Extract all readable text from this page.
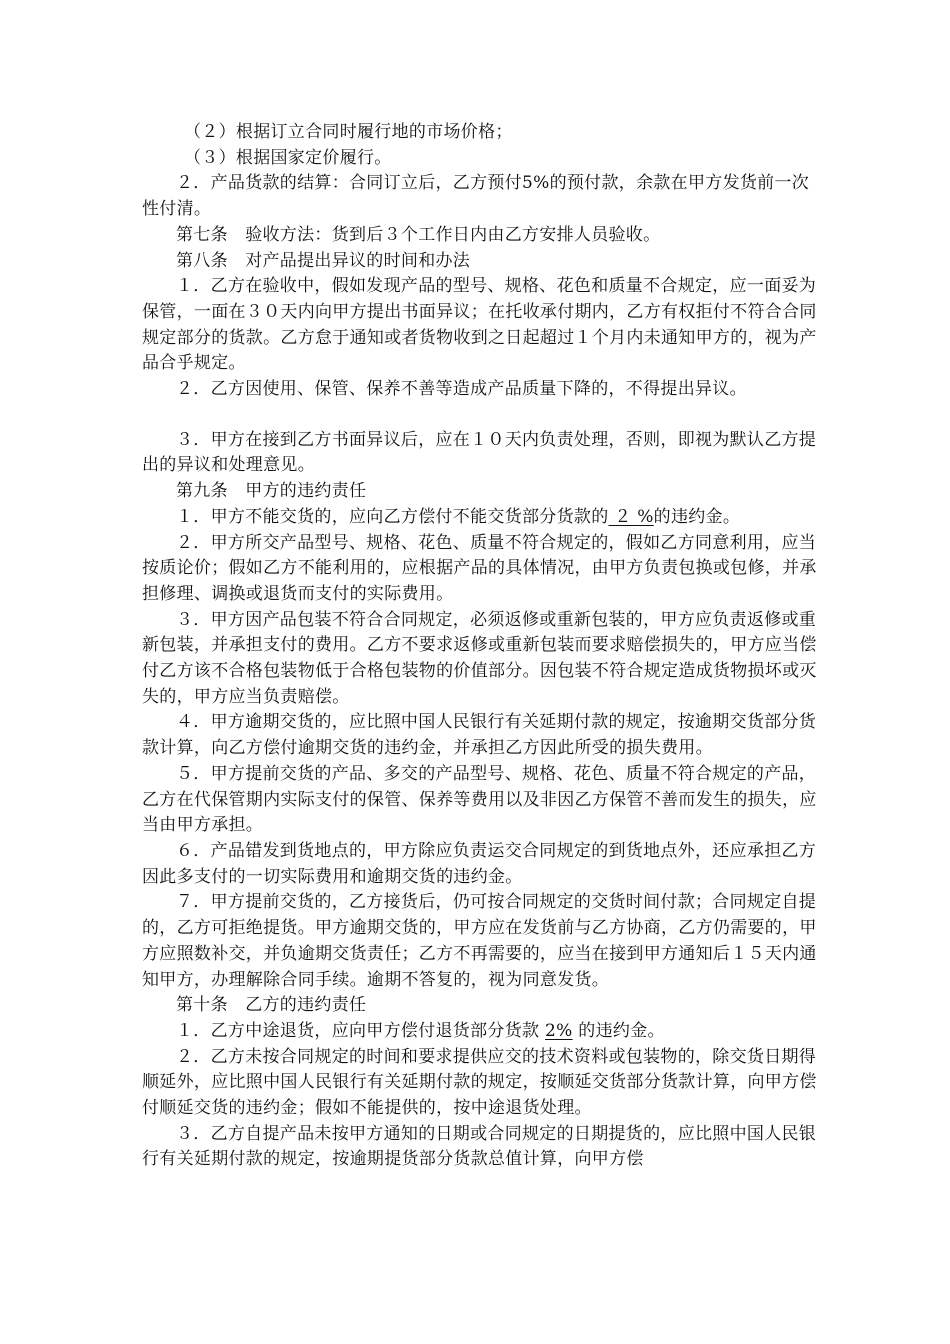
（２）根据订立合同时履行地的市场价格；

（３）根据国家定价履行。

２．产品货款的结算：合同订立后，乙方预付5%的预付款，余款在甲方发货前一次性付清。

第七条　验收方法：货到后３个工作日内由乙方安排人员验收。

第八条　对产品提出异议的时间和办法

１．乙方在验收中，假如发现产品的型号、规格、花色和质量不合规定，应一面妥为保管，一面在３０天内向甲方提出书面异议；在托收承付期内，乙方有权拒付不符合合同规定部分的货款。乙方怠于通知或者货物收到之日起超过１个月内未通知甲方的，视为产品合乎规定。

２．乙方因使用、保管、保养不善等造成产品质量下降的，不得提出异议。

３．甲方在接到乙方书面异议后，应在１０天内负责处理，否则，即视为默认乙方提出的异议和处理意见。

第九条　甲方的违约责任

１．甲方不能交货的，应向乙方偿付不能交货部分货款的 ２ %的违约金。

２．甲方所交产品型号、规格、花色、质量不符合规定的，假如乙方同意利用，应当按质论价；假如乙方不能利用的，应根据产品的具体情况，由甲方负责包换或包修，并承担修理、调换或退货而支付的实际费用。

３．甲方因产品包装不符合合同规定，必须返修或重新包装的，甲方应负责返修或重新包装，并承担支付的费用。乙方不要求返修或重新包装而要求赔偿损失的，甲方应当偿付乙方该不合格包装物低于合格包装物的价值部分。因包装不符合规定造成货物损坏或灭失的，甲方应当负责赔偿。

４．甲方逾期交货的，应比照中国人民银行有关延期付款的规定，按逾期交货部分货款计算，向乙方偿付逾期交货的违约金，并承担乙方因此所受的损失费用。

５．甲方提前交货的产品、多交的产品型号、规格、花色、质量不符合规定的产品，乙方在代保管期内实际支付的保管、保养等费用以及非因乙方保管不善而发生的损失，应当由甲方承担。

６．产品错发到货地点的，甲方除应负责运交合同规定的到货地点外，还应承担乙方因此多支付的一切实际费用和逾期交货的违约金。

７．甲方提前交货的，乙方接货后，仍可按合同规定的交货时间付款；合同规定自提的，乙方可拒绝提货。甲方逾期交货的，甲方应在发货前与乙方协商，乙方仍需要的，甲方应照数补交，并负逾期交货责任；乙方不再需要的，应当在接到甲方通知后１５天内通知甲方，办理解除合同手续。逾期不答复的，视为同意发货。

第十条　乙方的违约责任

１．乙方中途退货，应向甲方偿付退货部分货款 2% 的违约金。

２．乙方未按合同规定的时间和要求提供应交的技术资料或包装物的，除交货日期得顺延外，应比照中国人民银行有关延期付款的规定，按顺延交货部分货款计算，向甲方偿付顺延交货的违约金；假如不能提供的，按中途退货处理。

３．乙方自提产品未按甲方通知的日期或合同规定的日期提货的，应比照中国人民银行有关延期付款的规定，按逾期提货部分货款总值计算，向甲方偿
